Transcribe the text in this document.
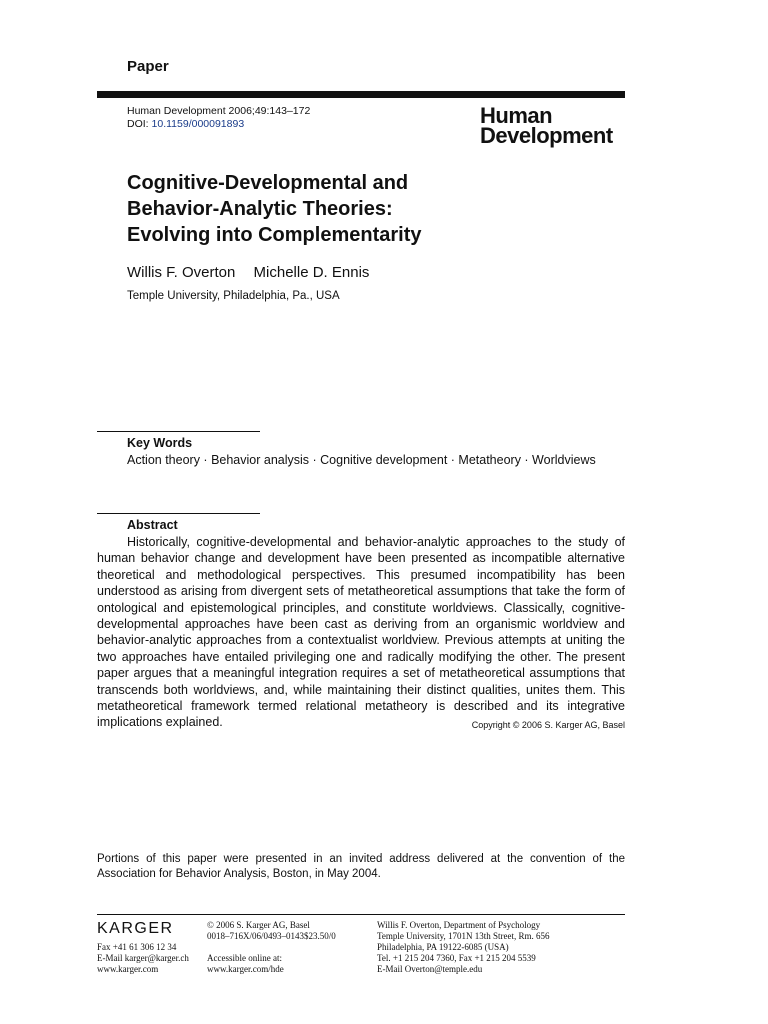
Paper
Human Development 2006;49:143–172
DOI: 10.1159/000091893	Human
Development
Cognitive-Developmental and
Behavior-Analytic Theories:
Evolving into Complementarity
Willis F. Overton Michelle D. Ennis
Temple University, Philadelphia, Pa., USA
Key Words
Action theory · Behavior analysis · Cognitive development · Metatheory · Worldviews
Abstract
Historically, cognitive-developmental and behavior-analytic approaches to the study of human behavior change and development have been presented as incompatible alternative theoretical and methodological perspectives. This presumed incompatibility has been understood as arising from divergent sets of metatheoretical assumptions that take the form of ontological and epistemological principles, and constitute worldviews. Classically, cognitive-developmental approaches have been cast as deriving from an organismic worldview and behavior-analytic approaches from a contextualist worldview. Previous attempts at uniting the two approaches have entailed privileging one and radically modifying the other. The present paper argues that a meaningful integration requires a set of metatheoretical assumptions that transcends both worldviews, and, while maintaining their distinct qualities, unites them. This metatheoretical framework termed relational metatheory is described and its integrative implications explained.	Copyright © 2006 S. Karger AG, Basel
Portions of this paper were presented in an invited address delivered at the convention of the Association for Behavior Analysis, Boston, in May 2004.
KARGER
Fax +41 61 306 12 34
E-Mail karger@karger.ch
www.karger.com
© 2006 S. Karger AG, Basel
0018–716X/06/0493–0143$23.50/0
Accessible online at:
www.karger.com/hde
Willis F. Overton, Department of Psychology
Temple University, 1701N 13th Street, Rm. 656
Philadelphia, PA 19122-6085 (USA)
Tel. +1 215 204 7360, Fax +1 215 204 5539
E-Mail Overton@temple.edu
